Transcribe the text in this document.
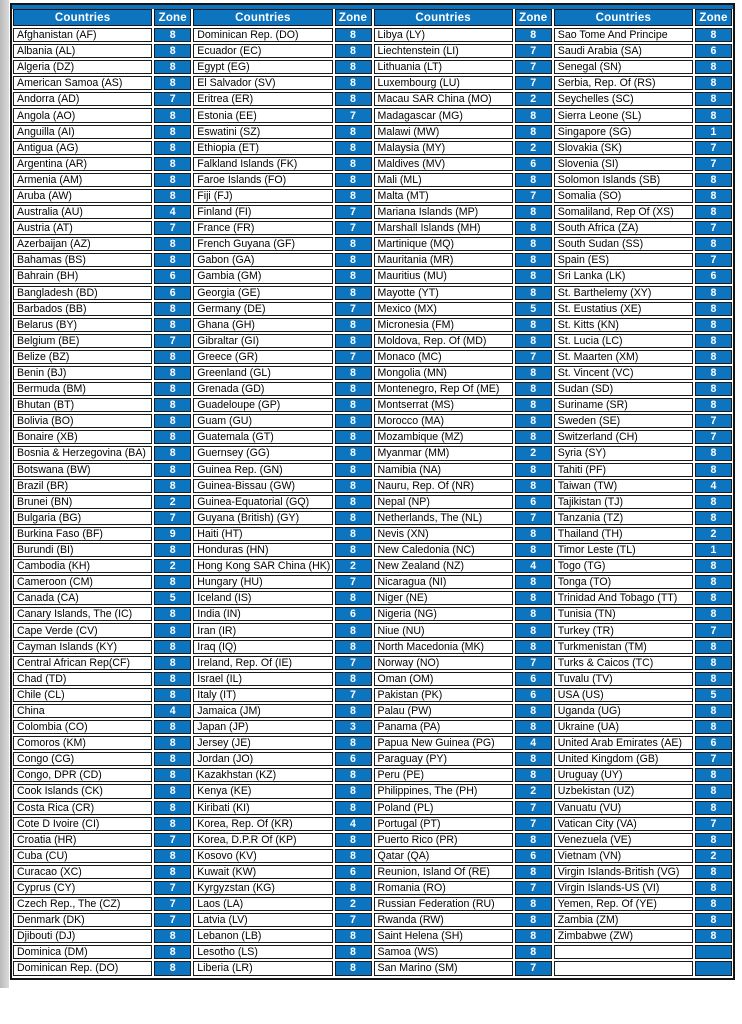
Countries	Zone
Afghanistan (AF)	8
Albania (AL)	8
Algeria (DZ)	8
American Samoa (AS)	8
Andorra (AD)	7
Angola (AO)	8
Anguilla (AI)	8
Antigua (AG)	8
Argentina (AR)	8
Armenia (AM)	8
Aruba (AW)	8
Australia (AU)	4
Austria (AT)	7
Azerbaijan (AZ)	8
Bahamas (BS)	8
Bahrain (BH)	6
Bangladesh (BD)	6
Barbados (BB)	8
Belarus (BY)	8
Belgium (BE)	7
Belize (BZ)	8
Benin (BJ)	8
Bermuda (BM)	8
Bhutan (BT)	8
Bolivia (BO)	8
Bonaire (XB)	8
Bosnia & Herzegovina (BA)	8
Botswana (BW)	8
Brazil (BR)	8
Brunei (BN)	2
Bulgaria (BG)	7
Burkina Faso (BF)	9
Burundi (BI)	8
Cambodia (KH)	2
Cameroon (CM)	8
Canada (CA)	5
Canary Islands, The (IC)	8
Cape Verde (CV)	8
Cayman Islands (KY)	8
Central African Rep(CF)	8
Chad (TD)	8
Chile (CL)	8
China	4
Colombia (CO)	8
Comoros (KM)	8
Congo (CG)	8
Congo, DPR (CD)	8
Cook Islands (CK)	8
Costa Rica (CR)	8
Cote D Ivoire (CI)	8
Croatia (HR)	7
Cuba (CU)	8
Curacao (XC)	8
Cyprus (CY)	7
Czech Rep., The (CZ)	7
Denmark (DK)	7
Djibouti (DJ)	8
Dominica (DM)	8
Dominican Rep. (DO)	8
Countries	Zone
Dominican Rep. (DO)	8
Ecuador (EC)	8
Egypt (EG)	8
El Salvador (SV)	8
Eritrea (ER)	8
Estonia (EE)	7
Eswatini (SZ)	8
Ethiopia (ET)	8
Falkland Islands (FK)	8
Faroe Islands (FO)	8
Fiji (FJ)	8
Finland (FI)	7
France (FR)	7
French Guyana (GF)	8
Gabon (GA)	8
Gambia (GM)	8
Georgia (GE)	8
Germany (DE)	7
Ghana (GH)	8
Gibraltar (GI)	8
Greece (GR)	7
Greenland (GL)	8
Grenada (GD)	8
Guadeloupe (GP)	8
Guam (GU)	8
Guatemala (GT)	8
Guernsey (GG)	8
Guinea Rep. (GN)	8
Guinea-Bissau (GW)	8
Guinea-Equatorial (GQ)	8
Guyana (British) (GY)	8
Haiti (HT)	8
Honduras (HN)	8
Hong Kong SAR China (HK)	2
Hungary (HU)	7
Iceland (IS)	8
India (IN)	6
Iran (IR)	8
Iraq (IQ)	8
Ireland, Rep. Of (IE)	7
Israel (IL)	8
Italy (IT)	7
Jamaica (JM)	8
Japan (JP)	3
Jersey (JE)	8
Jordan (JO)	6
Kazakhstan (KZ)	8
Kenya (KE)	8
Kiribati (KI)	8
Korea, Rep. Of (KR)	4
Korea, D.P.R Of (KP)	8
Kosovo (KV)	8
Kuwait (KW)	6
Kyrgyzstan (KG)	8
Laos (LA)	2
Latvia (LV)	7
Lebanon (LB)	8
Lesotho (LS)	8
Liberia (LR)	8
Countries	Zone
Libya (LY)	8
Liechtenstein (LI)	7
Lithuania (LT)	7
Luxembourg (LU)	7
Macau SAR China (MO)	2
Madagascar (MG)	8
Malawi (MW)	8
Malaysia (MY)	2
Maldives (MV)	6
Mali (ML)	8
Malta (MT)	7
Mariana Islands (MP)	8
Marshall Islands (MH)	8
Martinique (MQ)	8
Mauritania (MR)	8
Mauritius (MU)	8
Mayotte (YT)	8
Mexico (MX)	5
Micronesia (FM)	8
Moldova, Rep. Of (MD)	8
Monaco (MC)	7
Mongolia (MN)	8
Montenegro, Rep Of (ME)	8
Montserrat (MS)	8
Morocco (MA)	8
Mozambique (MZ)	8
Myanmar (MM)	2
Namibia (NA)	8
Nauru, Rep. Of (NR)	8
Nepal (NP)	6
Netherlands, The (NL)	7
Nevis (XN)	8
New Caledonia (NC)	8
New Zealand (NZ)	4
Nicaragua (NI)	8
Niger (NE)	8
Nigeria (NG)	8
Niue (NU)	8
North Macedonia (MK)	8
Norway (NO)	7
Oman (OM)	6
Pakistan (PK)	6
Palau (PW)	8
Panama (PA)	8
Papua New Guinea (PG)	4
Paraguay (PY)	8
Peru (PE)	8
Philippines, The (PH)	2
Poland (PL)	7
Portugal (PT)	7
Puerto Rico (PR)	8
Qatar (QA)	6
Reunion, Island Of (RE)	8
Romania (RO)	7
Russian Federation (RU)	8
Rwanda (RW)	8
Saint Helena (SH)	8
Samoa (WS)	8
San Marino (SM)	7
Countries	Zone
Sao Tome And Principe	8
Saudi Arabia (SA)	6
Senegal (SN)	8
Serbia, Rep. Of (RS)	8
Seychelles (SC)	8
Sierra Leone (SL)	8
Singapore (SG)	1
Slovakia (SK)	7
Slovenia (SI)	7
Solomon Islands (SB)	8
Somalia (SO)	8
Somaliland, Rep Of (XS)	8
South Africa (ZA)	7
South Sudan (SS)	8
Spain (ES)	7
Sri Lanka (LK)	6
St. Barthelemy (XY)	8
St. Eustatius (XE)	8
St. Kitts (KN)	8
St. Lucia (LC)	8
St. Maarten (XM)	8
St. Vincent (VC)	8
Sudan (SD)	8
Suriname (SR)	8
Sweden (SE)	7
Switzerland (CH)	7
Syria (SY)	8
Tahiti (PF)	8
Taiwan (TW)	4
Tajikistan (TJ)	8
Tanzania (TZ)	8
Thailand (TH)	2
Timor Leste (TL)	1
Togo (TG)	8
Tonga (TO)	8
Trinidad And Tobago (TT)	8
Tunisia (TN)	8
Turkey (TR)	7
Turkmenistan (TM)	8
Turks & Caicos (TC)	8
Tuvalu (TV)	8
USA (US)	5
Uganda (UG)	8
Ukraine (UA)	8
United Arab Emirates (AE)	6
United Kingdom (GB)	7
Uruguay (UY)	8
Uzbekistan (UZ)	8
Vanuatu (VU)	8
Vatican City (VA)	7
Venezuela (VE)	8
Vietnam (VN)	2
Virgin Islands-British (VG)	8
Virgin Islands-US (VI)	8
Yemen, Rep. Of (YE)	8
Zambia (ZM)	8
Zimbabwe (ZW)	8
